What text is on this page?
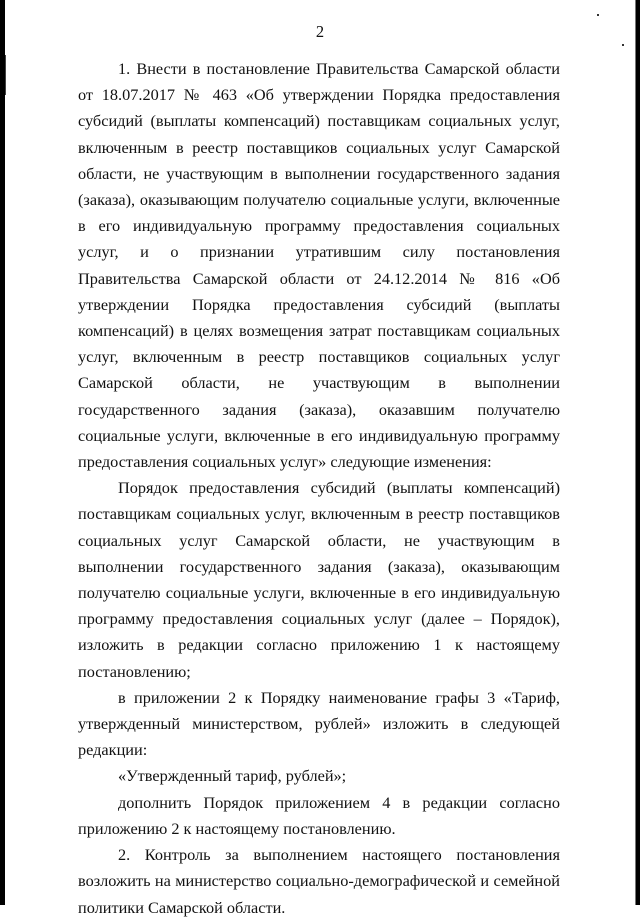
2

1. Внести в постановление Правительства Самарской области от 18.07.2017 № 463 «Об утверждении Порядка предоставления субсидий (выплаты компенсаций) поставщикам социальных услуг, включенным в реестр поставщиков социальных услуг Самарской области, не участвующим в выполнении государственного задания (заказа), оказывающим получателю социальные услуги, включенные в его индивидуальную программу предоставления социальных услуг, и о признании утратившим силу постановления Правительства Самарской области от 24.12.2014 № 816 «Об утверждении Порядка предоставления субсидий (выплаты компенсаций) в целях возмещения затрат поставщикам социальных услуг, включенным в реестр поставщиков социальных услуг Самарской области, не участвующим в выполнении государственного задания (заказа), оказавшим получателю социальные услуги, включенные в его индивидуальную программу предоставления социальных услуг» следующие изменения:

Порядок предоставления субсидий (выплаты компенсаций) поставщикам социальных услуг, включенным в реестр поставщиков социальных услуг Самарской области, не участвующим в выполнении государственного задания (заказа), оказывающим получателю социальные услуги, включенные в его индивидуальную программу предоставления социальных услуг (далее – Порядок), изложить в редакции согласно приложению 1 к настоящему постановлению;

в приложении 2 к Порядку наименование графы 3 «Тариф, утвержденный министерством, рублей» изложить в следующей редакции:

«Утвержденный тариф, рублей»;

дополнить Порядок приложением 4 в редакции согласно приложению 2 к настоящему постановлению.

2. Контроль за выполнением настоящего постановления возложить на министерство социально-демографической и семейной политики Самарской области.
